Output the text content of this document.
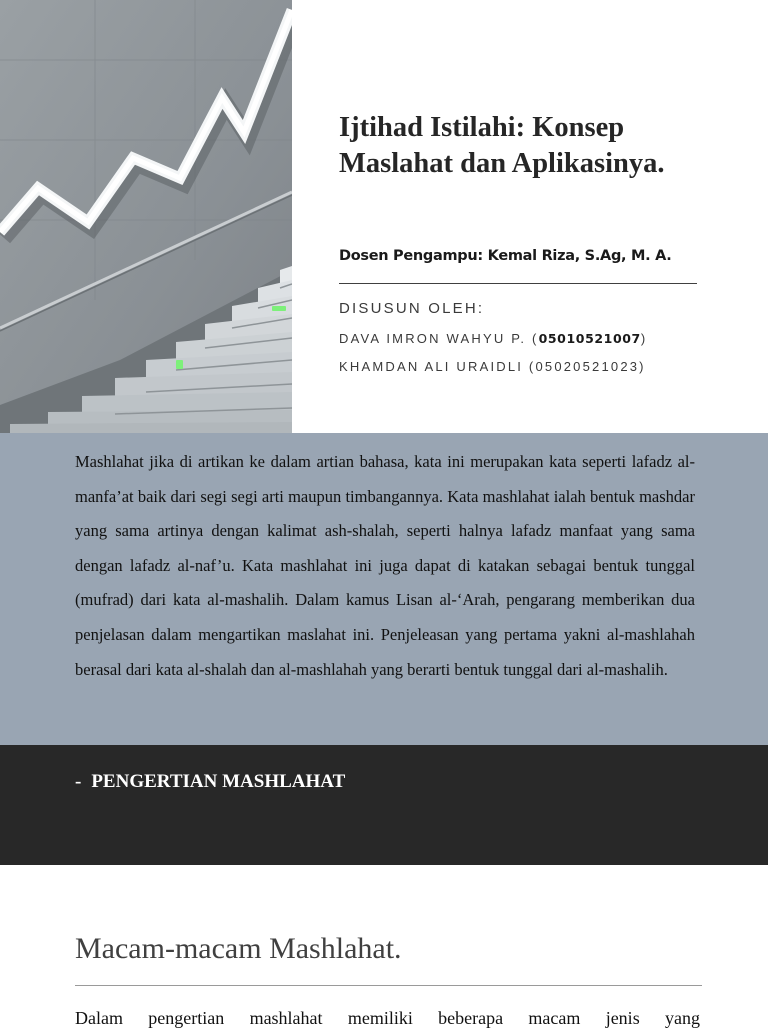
Ijtihad Istilahi: Konsep Maslahat dan Aplikasinya.
Dosen Pengampu: Kemal Riza, S.Ag, M. A.
DISUSUN OLEH:
DAVA IMRON WAHYU P. (05010521007)
KHAMDAN ALI URAIDLI (05020521023)

Mashlahat jika di artikan ke dalam artian bahasa, kata ini merupakan kata seperti lafadz al-manfa’at baik dari segi segi arti maupun timbangannya. Kata mashlahat ialah bentuk mashdar yang sama artinya dengan kalimat ash-shalah, seperti halnya lafadz manfaat yang sama dengan lafadz al-naf’u. Kata mashlahat ini juga dapat di katakan sebagai bentuk tunggal (mufrad) dari kata al-mashalih. Dalam kamus Lisan al-‘Arah, pengarang memberikan dua penjelasan dalam mengartikan maslahat ini. Penjeleasan yang pertama yakni al-mashlahah berasal dari kata al-shalah dan al-mashlahah yang berarti bentuk tunggal dari al-mashalih.

- PENGERTIAN MASHLAHAT
Macam-macam Mashlahat.

Dalam pengertian mashlahat memiliki beberapa macam jenis yang
